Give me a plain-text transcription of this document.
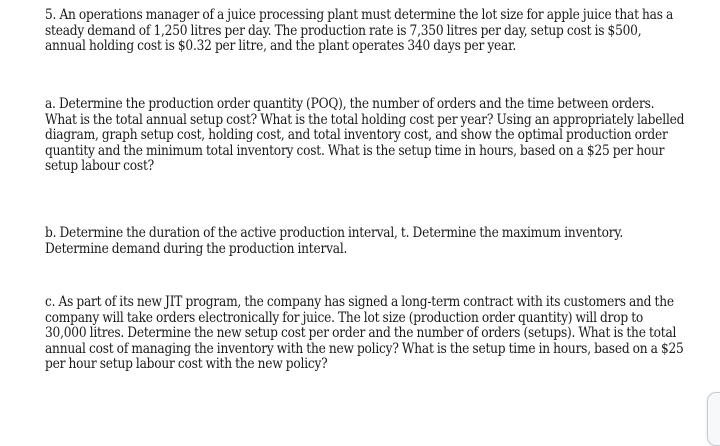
5. An operations manager of a juice processing plant must determine the lot size for apple juice that has a steady demand of 1,250 litres per day. The production rate is 7,350 litres per day, setup cost is $500, annual holding cost is $0.32 per litre, and the plant operates 340 days per year.

a. Determine the production order quantity (POQ), the number of orders and the time between orders. What is the total annual setup cost? What is the total holding cost per year? Using an appropriately labelled diagram, graph setup cost, holding cost, and total inventory cost, and show the optimal production order quantity and the minimum total inventory cost. What is the setup time in hours, based on a $25 per hour setup labour cost?

b. Determine the duration of the active production interval, t. Determine the maximum inventory. Determine demand during the production interval.

c. As part of its new JIT program, the company has signed a long-term contract with its customers and the company will take orders electronically for juice. The lot size (production order quantity) will drop to 30,000 litres. Determine the new setup cost per order and the number of orders (setups). What is the total annual cost of managing the inventory with the new policy? What is the setup time in hours, based on a $25 per hour setup labour cost with the new policy?
